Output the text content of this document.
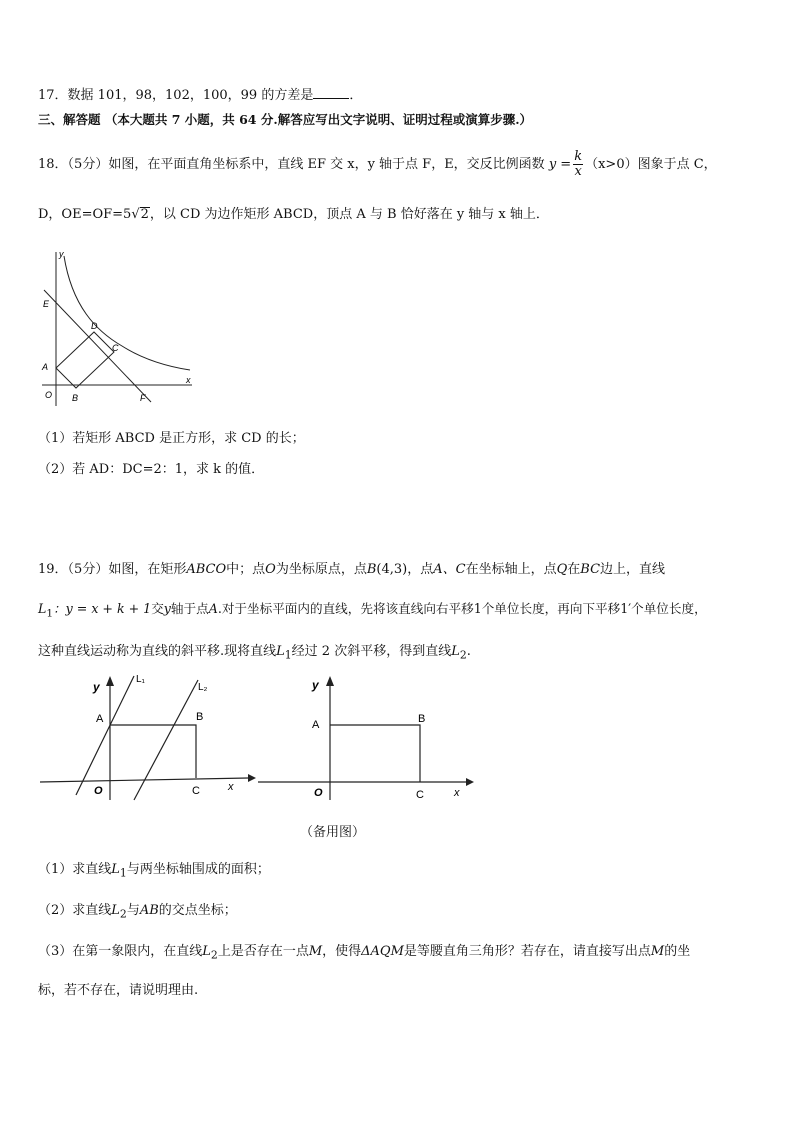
17．数据 101，98，102，100，99 的方差是	．
三、解答题 （本大题共 7 小题，共 64 分.解答应写出文字说明、证明过程或演算步骤.）
18．（5分）如图，在平面直角坐标系中，直线 EF 交 x，y 轴于点 F，E，交反比例函数 $y = \frac{k}{x} (x>0)$图象于点 C，
D，OE=OF=5√2，以 CD 为边作矩形 ABCD，顶点 A 与 B 恰好落在 y 轴与 x 轴上．
y
x
E
D
C
A
O B	F
（1）若矩形 ABCD 是正方形，求 CD 的长；
（2）若 AD：DC=2：1，求 k 的值．
19．（5分）如图，在矩形ABCO中；点O为坐标原点，点B(4,3)，点A、C在坐标轴上，点Q在BC边上，直线
$L_1$：y = x + k + 1交y轴于点A.对于坐标平面内的直线，先将该直线向右平移1个单位长度，再向下平移1′个单位长度，
这种直线运动称为直线的斜平移.现将直线$L_1$经过 2 次斜平移，得到直线$L_2$.
y
L₁
L₂
A	B
O	C	x
y
A	B
O	C	x
（备用图）
（1）求直线$L_1$与两坐标轴围成的面积；
（2）求直线$L_2$与AB的交点坐标；
（3）在第一象限内，在直线$L_2$上是否存在一点M，使得ΔAQM是等腰直角三角形？若存在，请直接写出点M的坐
标，若不存在，请说明理由.
